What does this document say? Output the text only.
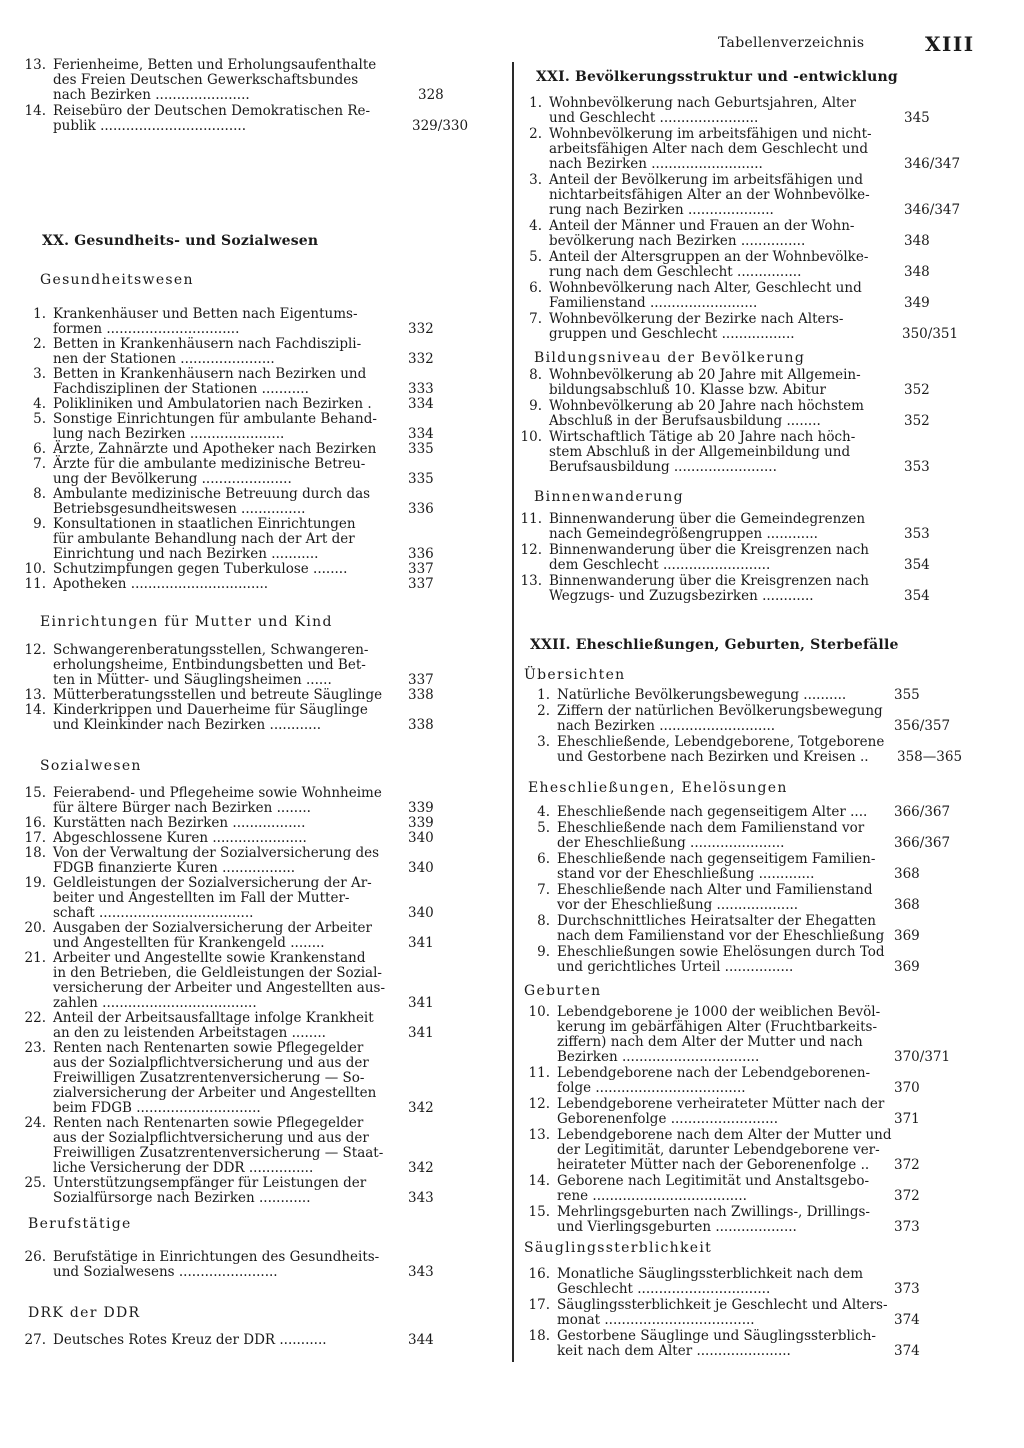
Tabellenverzeichnis	XIII
13. Ferienheime, Betten und Erholungsaufenthalte
des Freien Deutschen Gewerkschaftsbundes
nach Bezirken ......................	328
14. Reisebüro der Deutschen Demokratischen Re-
publik ..................................	329/330
XX. Gesundheits- und Sozialwesen
Gesundheitswesen
1. Krankenhäuser und Betten nach Eigentums-
formen ...............................	332
2. Betten in Krankenhäusern nach Fachdiszipli-
nen der Stationen ......................	332
3. Betten in Krankenhäusern nach Bezirken und
Fachdisziplinen der Stationen ...........	333
4. Polikliniken und Ambulatorien nach Bezirken .	334
5. Sonstige Einrichtungen für ambulante Behand-
lung nach Bezirken ......................	334
6. Ärzte, Zahnärzte und Apotheker nach Bezirken 335
7. Ärzte für die ambulante medizinische Betreu-
ung der Bevölkerung .....................	335
8. Ambulante medizinische Betreuung durch das
Betriebsgesundheitswesen ...............	336
9. Konsultationen in staatlichen Einrichtungen
für ambulante Behandlung nach der Art der
Einrichtung und nach Bezirken ...........	336
10. Schutzimpfungen gegen Tuberkulose ........	337
11. Apotheken ................................	337
Einrichtungen für Mutter und Kind
12. Schwangerenberatungsstellen, Schwangeren-
erholungsheime, Entbindungsbetten und Bet-
ten in Mütter- und Säuglingsheimen ......	337
13. Mütterberatungsstellen und betreute Säuglinge 338
14. Kinderkrippen und Dauerheime für Säuglinge
und Kleinkinder nach Bezirken ............	338
Sozialwesen
15. Feierabend- und Pflegeheime sowie Wohnheime
für ältere Bürger nach Bezirken ........	339
16. Kurstätten nach Bezirken .................	339
17. Abgeschlossene Kuren ......................	340
18. Von der Verwaltung der Sozialversicherung des
FDGB finanzierte Kuren .................	340
19. Geldleistungen der Sozialversicherung der Ar-
beiter und Angestellten im Fall der Mutter-
schaft ....................................	340
20. Ausgaben der Sozialversicherung der Arbeiter
und Angestellten für Krankengeld ........	341
21. Arbeiter und Angestellte sowie Krankenstand
in den Betrieben, die Geldleistungen der Sozial-
versicherung der Arbeiter und Angestellten aus-
zahlen ....................................	341
22. Anteil der Arbeitsausfalltage infolge Krankheit
an den zu leistenden Arbeitstagen ........	341
23. Renten nach Rentenarten sowie Pflegegelder
aus der Sozialpflichtversicherung und aus der
Freiwilligen Zusatzrentenversicherung — So-
zialversicherung der Arbeiter und Angestellten
beim FDGB .............................	342
24. Renten nach Rentenarten sowie Pflegegelder
aus der Sozialpflichtversicherung und aus der
Freiwilligen Zusatzrentenversicherung — Staat-
liche Versicherung der DDR ...............	342
25. Unterstützungsempfänger für Leistungen der
Sozialfürsorge nach Bezirken ............	343
Berufstätige
26. Berufstätige in Einrichtungen des Gesundheits-
und Sozialwesens .......................	343
DRK der DDR
27. Deutsches Rotes Kreuz der DDR ...........	344
XXI. Bevölkerungsstruktur und -entwicklung
1. Wohnbevölkerung nach Geburtsjahren, Alter
und Geschlecht .......................	345
2. Wohnbevölkerung im arbeitsfähigen und nicht-
arbeitsfähigen Alter nach dem Geschlecht und
nach Bezirken ..........................	346/347
3. Anteil der Bevölkerung im arbeitsfähigen und
nichtarbeitsfähigen Alter an der Wohnbevölke-
rung nach Bezirken ....................	346/347
4. Anteil der Männer und Frauen an der Wohn-
bevölkerung nach Bezirken ...............	348
5. Anteil der Altersgruppen an der Wohnbevölke-
rung nach dem Geschlecht ...............	348
6. Wohnbevölkerung nach Alter, Geschlecht und
Familienstand .........................	349
7. Wohnbevölkerung der Bezirke nach Alters-
gruppen und Geschlecht .................	350/351
Bildungsniveau der Bevölkerung
8. Wohnbevölkerung ab 20 Jahre mit Allgemein-
bildungsabschluß 10. Klasse bzw. Abitur	352
9. Wohnbevölkerung ab 20 Jahre nach höchstem
Abschluß in der Berufsausbildung ........	352
10. Wirtschaftlich Tätige ab 20 Jahre nach höch-
stem Abschluß in der Allgemeinbildung und
Berufsausbildung ........................	353
Binnenwanderung
11. Binnenwanderung über die Gemeindegrenzen
nach Gemeindegrößengruppen ............	353
12. Binnenwanderung über die Kreisgrenzen nach
dem Geschlecht .........................	354
13. Binnenwanderung über die Kreisgrenzen nach
Wegzugs- und Zuzugsbezirken ............	354
XXII. Eheschließungen, Geburten, Sterbefälle
Übersichten
1. Natürliche Bevölkerungsbewegung ..........	355
2. Ziffern der natürlichen Bevölkerungsbewegung
nach Bezirken ...........................	356/357
3. Eheschließende, Lebendgeborene, Totgeborene
und Gestorbene nach Bezirken und Kreisen ..	358—365
Eheschließungen, Ehelösungen
4. Eheschließende nach gegenseitigem Alter .... 366/367
5. Eheschließende nach dem Familienstand vor
der Eheschließung ......................	366/367
6. Eheschließende nach gegenseitigem Familien-
stand vor der Eheschließung .............	368
7. Eheschließende nach Alter und Familienstand
vor der Eheschließung ...................	368
8. Durchschnittliches Heiratsalter der Ehegatten
nach dem Familienstand vor der Eheschließung 369
9. Eheschließungen sowie Ehelösungen durch Tod
und gerichtliches Urteil ................	369
Geburten
10. Lebendgeborene je 1000 der weiblichen Bevöl-
kerung im gebärfähigen Alter (Fruchtbarkeits-
ziffern) nach dem Alter der Mutter und nach
Bezirken ................................	370/371
11. Lebendgeborene nach der Lebendgeborenen-
folge ...................................	370
12. Lebendgeborene verheirateter Mütter nach der
Geborenenfolge .........................	371
13. Lebendgeborene nach dem Alter der Mutter und
der Legitimität, darunter Lebendgeborene ver-
heirateter Mütter nach der Geborenenfolge ..	372
14. Geborene nach Legitimität und Anstaltsgebo-
rene ....................................	372
15. Mehrlingsgeburten nach Zwillings-, Drillings-
und Vierlingsgeburten ...................	373
Säuglingssterblichkeit
16. Monatliche Säuglingssterblichkeit nach dem
Geschlecht ...............................	373
17. Säuglingssterblichkeit je Geschlecht und Alters-
monat ...................................	374
18. Gestorbene Säuglinge und Säuglingssterblich-
keit nach dem Alter ......................	374
